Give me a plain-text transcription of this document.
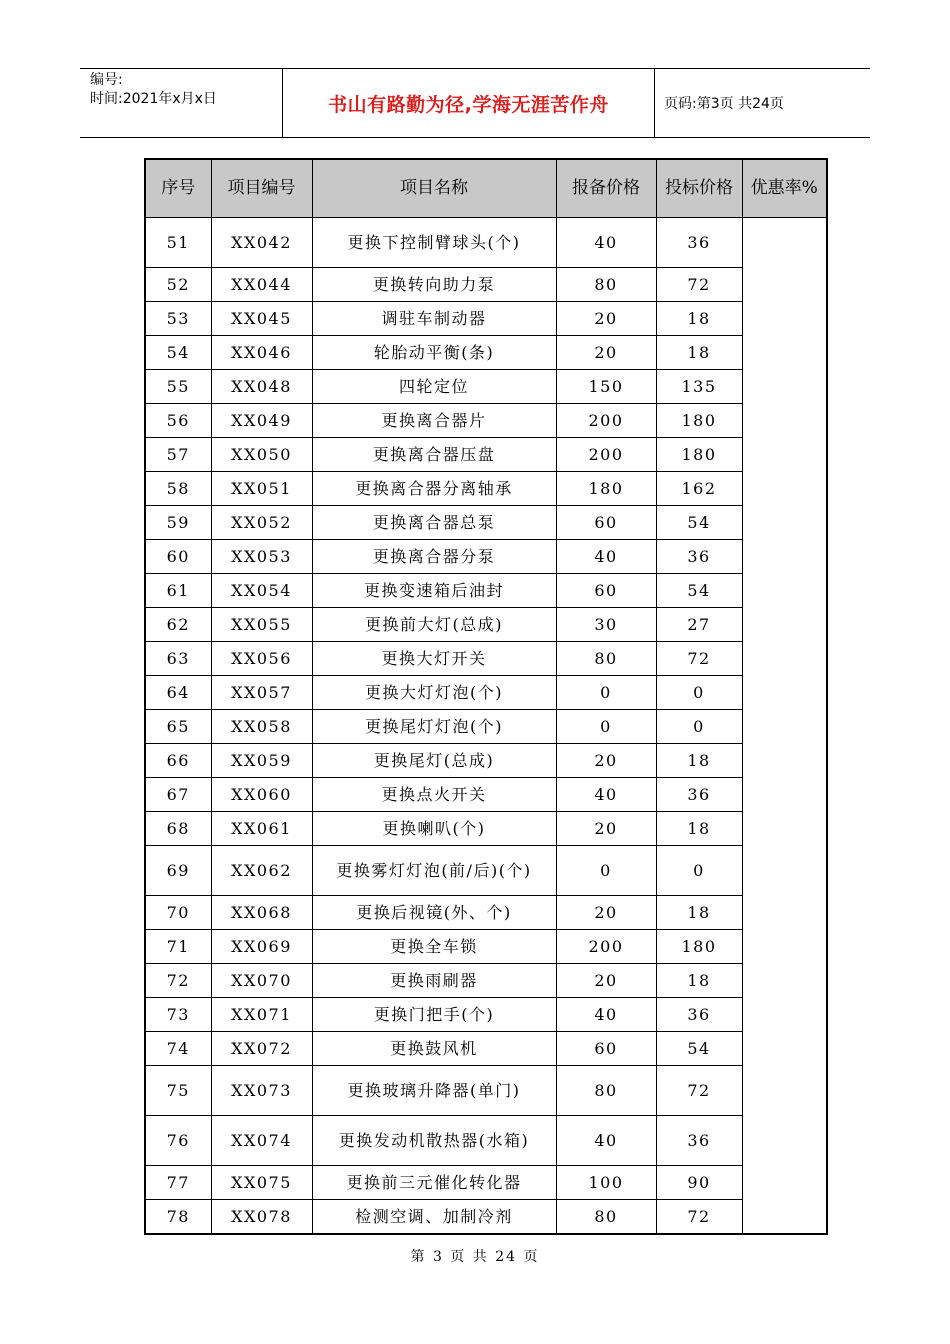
编号:
时间:2021年x月x日	书山有路勤为径,学海无涯苦作舟	页码:第3页 共24页
序号	项目编号	项目名称	报备价格	投标价格	优惠率%
51	XX042	更换下控制臂球头(个)	40	36	
52	XX044	更换转向助力泵	80	72	
53	XX045	调驻车制动器	20	18	
54	XX046	轮胎动平衡(条)	20	18	
55	XX048	四轮定位	150	135	
56	XX049	更换离合器片	200	180	
57	XX050	更换离合器压盘	200	180	
58	XX051	更换离合器分离轴承	180	162	
59	XX052	更换离合器总泵	60	54	
60	XX053	更换离合器分泵	40	36	
61	XX054	更换变速箱后油封	60	54	
62	XX055	更换前大灯(总成)	30	27	
63	XX056	更换大灯开关	80	72	
64	XX057	更换大灯灯泡(个)	0	0	
65	XX058	更换尾灯灯泡(个)	0	0	
66	XX059	更换尾灯(总成)	20	18	
67	XX060	更换点火开关	40	36	
68	XX061	更换喇叭(个)	20	18	
69	XX062	更换雾灯灯泡(前/后)(个)	0	0	
70	XX068	更换后视镜(外、个)	20	18	
71	XX069	更换全车锁	200	180	
72	XX070	更换雨刷器	20	18	
73	XX071	更换门把手(个)	40	36	
74	XX072	更换鼓风机	60	54	
75	XX073	更换玻璃升降器(单门)	80	72	
76	XX074	更换发动机散热器(水箱)	40	36	
77	XX075	更换前三元催化转化器	100	90	
78	XX078	检测空调、加制冷剂	80	72	
第 3 页 共 24 页
